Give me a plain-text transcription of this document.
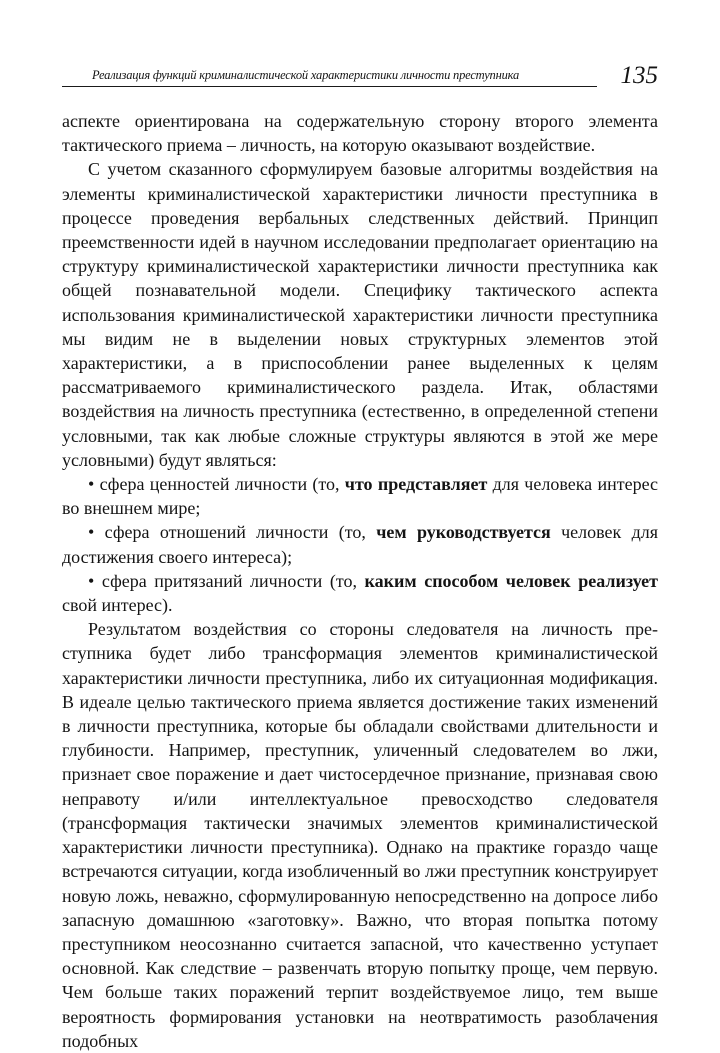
Реализация функций криминалистической характеристики личности преступника	135

аспекте ориентирована на содержательную сторону второго элемента тактического приема – личность, на которую оказывают воздействие.

С учетом сказанного сформулируем базовые алгоритмы воздействия на элементы криминалистической характеристики личности преступника в процессе проведения вербальных следственных действий. Принцип преемственности идей в научном исследовании предполагает ориентацию на структуру криминалистической характеристики личности преступника как общей познавательной модели. Специфику тактического аспекта использования криминалистической характеристики личности преступника мы видим не в выделении новых структурных элементов этой характеристики, а в приспособлении ранее выделенных к целям рассматриваемого криминалистического раздела. Итак, областями воздействия на личность преступника (естественно, в определенной степени условными, так как любые сложные структуры являются в этой же мере условными) будут являться:

• сфера ценностей личности (то, что представляет для человека интерес во внешнем мире;

• сфера отношений личности (то, чем руководствуется человек для достижения своего интереса);

• сфера притязаний личности (то, каким способом человек реализует свой интерес).

Результатом воздействия со стороны следователя на личность преступника будет либо трансформация элементов криминалистической характеристики личности преступника, либо их ситуационная модификация. В идеале целью тактического приема является достижение таких изменений в личности преступника, которые бы обладали свойствами длительности и глубиности. Например, преступник, уличенный следователем во лжи, признает свое поражение и дает чистосердечное признание, признавая свою неправоту и/или интеллектуальное превосходство следователя (трансформация тактически значимых элементов криминалистической характеристики личности преступника). Однако на практике гораздо чаще встречаются ситуации, когда изобличенный во лжи преступник конструирует новую ложь, неважно, сформулированную непосредственно на допросе либо запасную домашнюю «заготовку». Важно, что вторая попытка потому преступником неосознанно считается запасной, что качественно уступает основной. Как следствие – развенчать вторую попытку проще, чем первую. Чем больше таких поражений терпит воздействуемое лицо, тем выше вероятность формирования установки на неотвратимость разоблачения подобных
